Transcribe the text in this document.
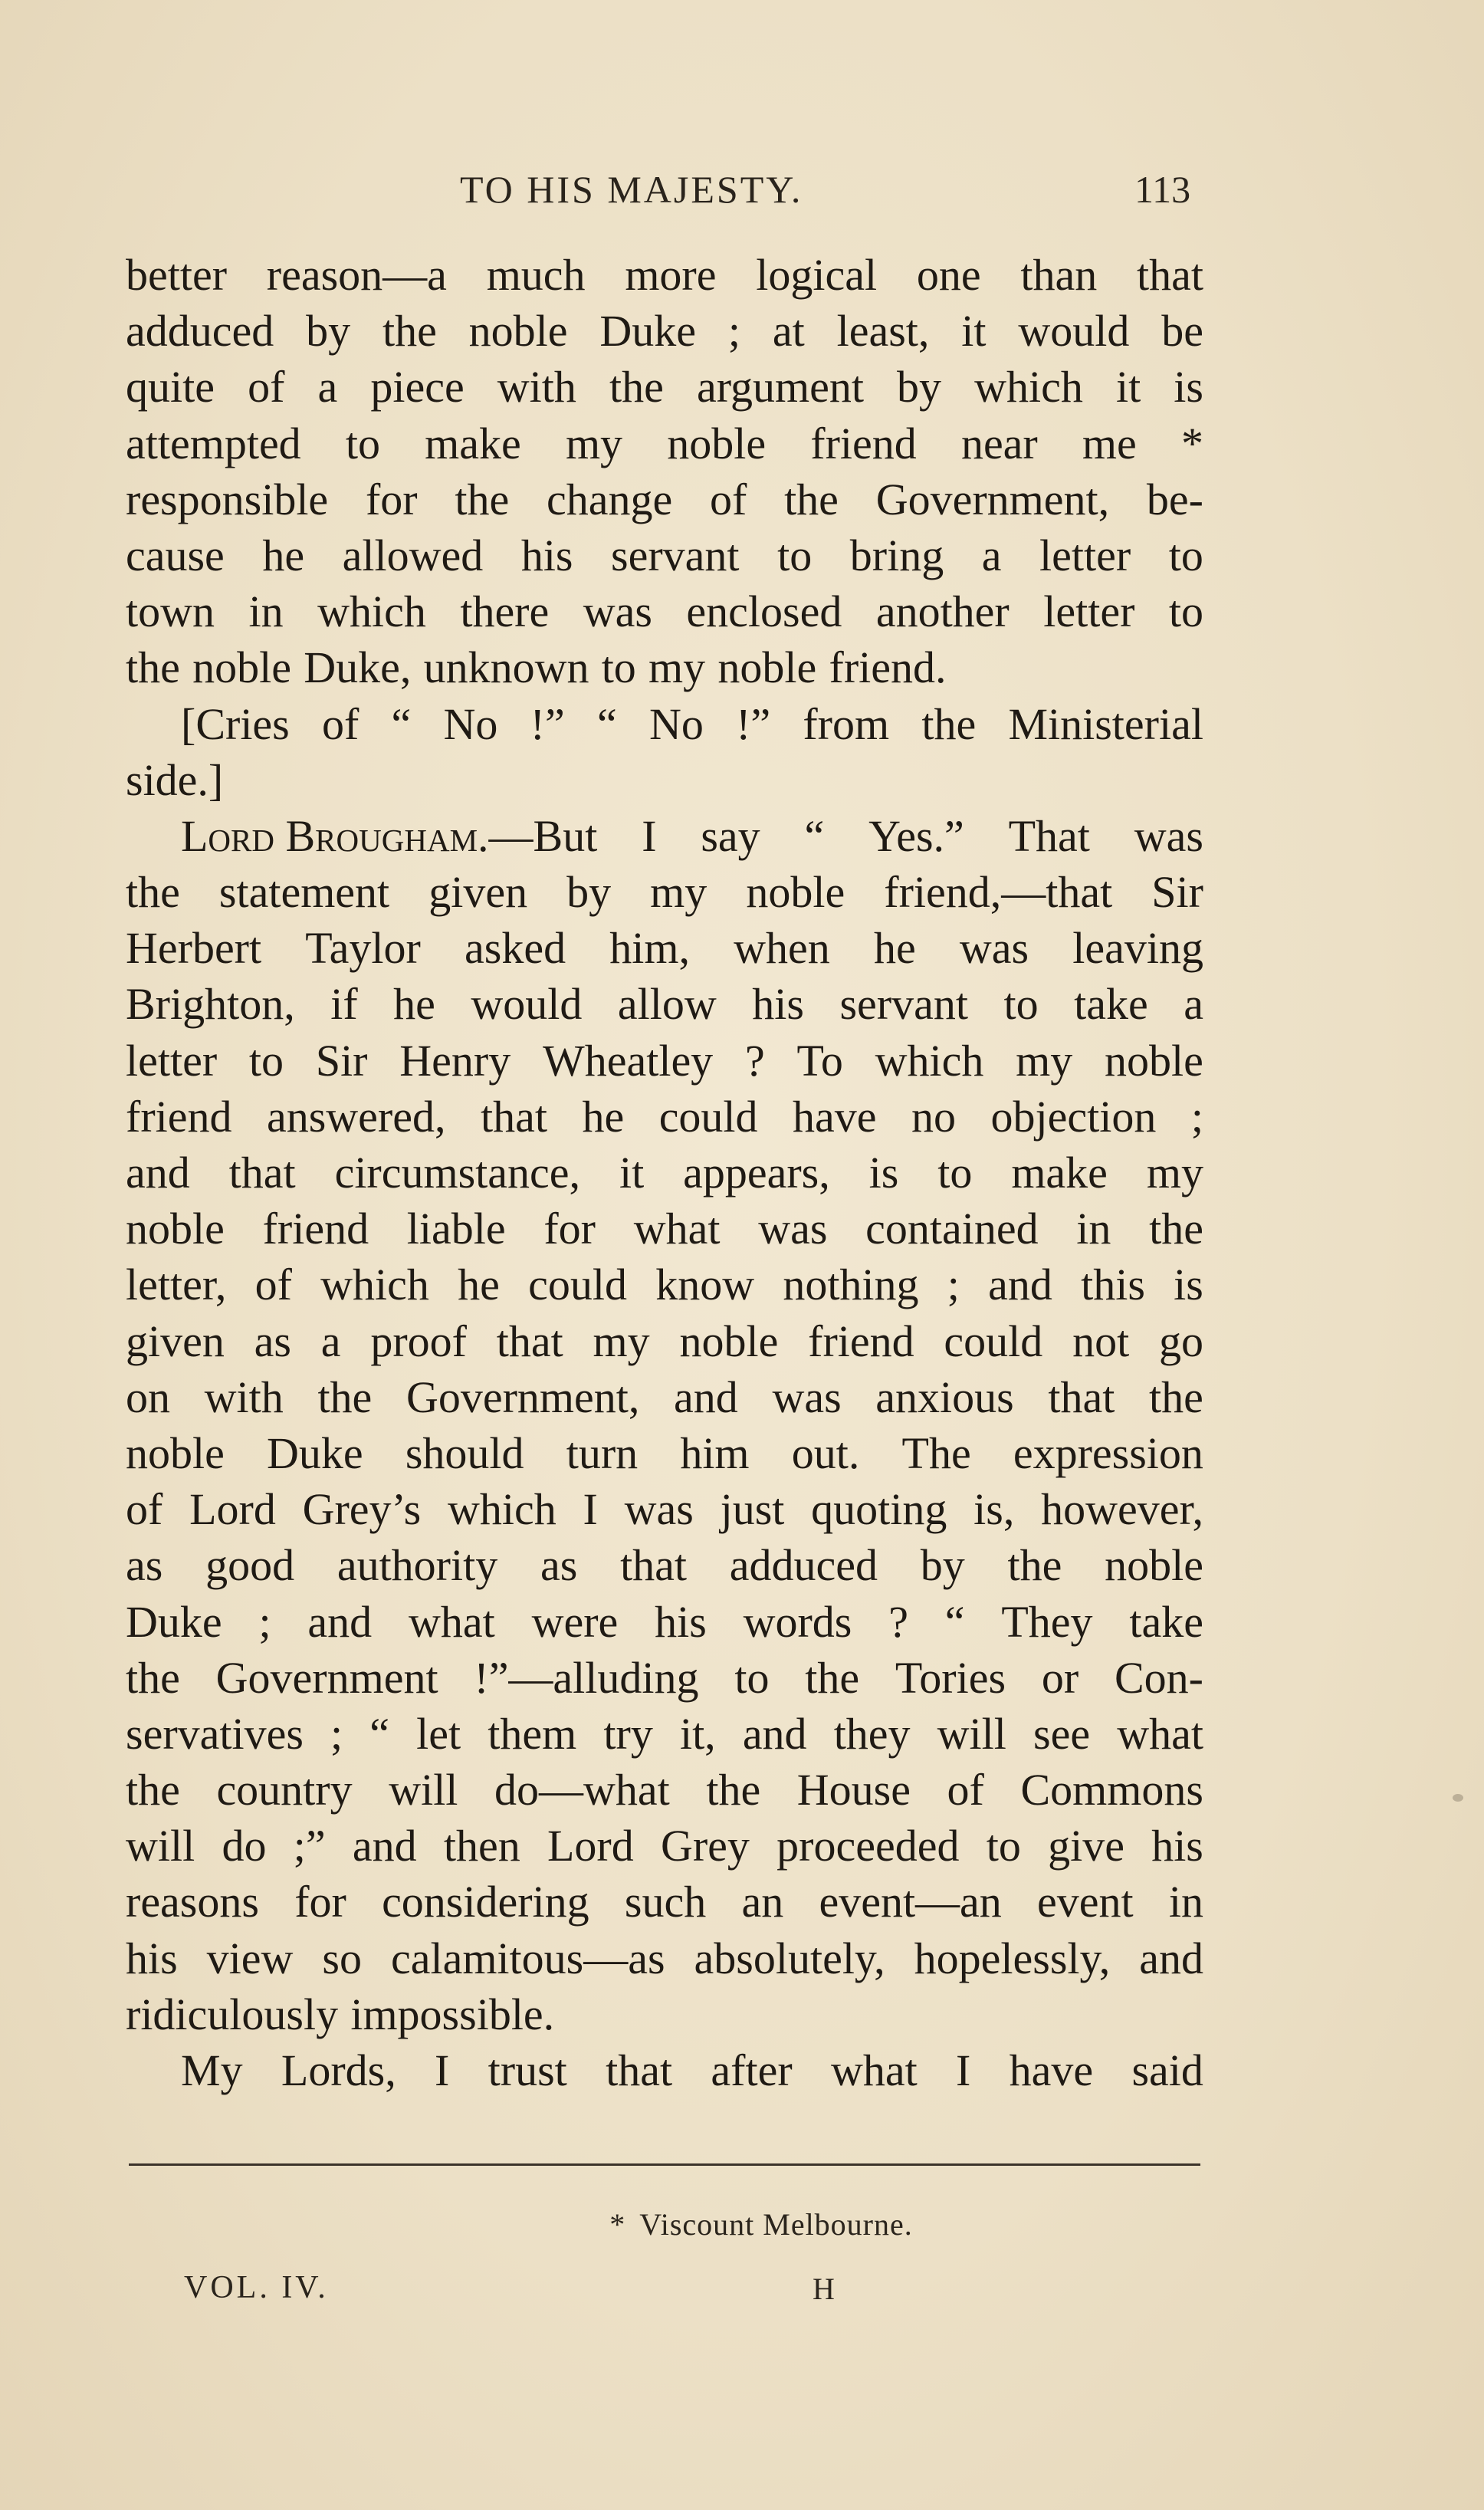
TO HIS MAJESTY.	113
better reason—a much more logical one than that
adduced by the noble Duke ; at least, it would be
quite of a piece with the argument by which it is
attempted to make my noble friend near me *
responsible for the change of the Government, be-
cause he allowed his servant to bring a letter to
town in which there was enclosed another letter to
the noble Duke, unknown to my noble friend.
[Cries of “ No !” “ No !” from the Ministerial
side.]
Lord Brougham. —But I say “ Yes.” That was
the statement given by my noble friend,—that Sir
Herbert Taylor asked him, when he was leaving
Brighton, if he would allow his servant to take a
letter to Sir Henry Wheatley ? To which my noble
friend answered, that he could have no objection ;
and that circumstance, it appears, is to make my
noble friend liable for what was contained in the
letter, of which he could know nothing ; and this is
given as a proof that my noble friend could not go
on with the Government, and was anxious that the
noble Duke should turn him out. The expression
of Lord Grey’s which I was just quoting is, however,
as good authority as that adduced by the noble
Duke ; and what were his words ? “ They take
the Government !”—alluding to the Tories or Con-
servatives ; “ let them try it, and they will see what
the country will do—what the House of Commons
will do ;” and then Lord Grey proceeded to give his
reasons for considering such an event—an event in
his view so calamitous—as absolutely, hopelessly, and
ridiculously impossible.
My Lords, I trust that after what I have said
* Viscount Melbourne.
VOL. IV.	H
